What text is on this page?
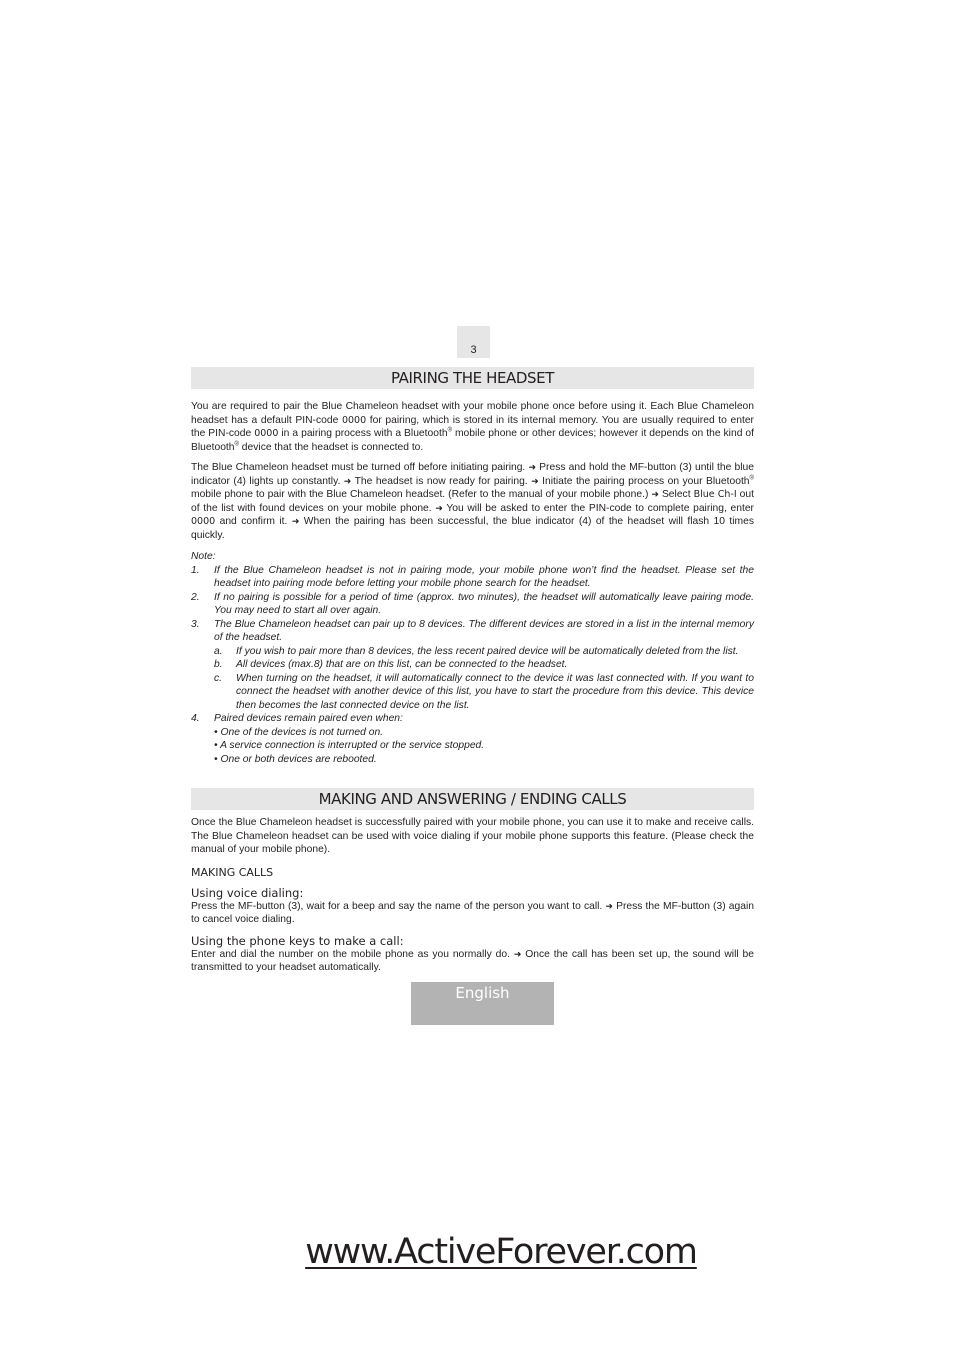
3
PAIRING THE HEADSET

You are required to pair the Blue Chameleon headset with your mobile phone once before using it. Each Blue Chameleon headset has a default PIN-code 0000 for pairing, which is stored in its internal memory. You are usually required to enter the PIN-code 0000 in a pairing process with a Bluetooth® mobile phone or other devices; however it depends on the kind of Bluetooth® device that the headset is connected to.

The Blue Chameleon headset must be turned off before initiating pairing. ➜ Press and hold the MF-button (3) until the blue indicator (4) lights up constantly. ➜ The headset is now ready for pairing. ➜ Initiate the pairing process on your Bluetooth® mobile phone to pair with the Blue Chameleon headset. (Refer to the manual of your mobile phone.) ➜ Select Blue Ch-I out of the list with found devices on your mobile phone. ➜ You will be asked to enter the PIN-code to complete pairing, enter 0000 and confirm it. ➜ When the pairing has been successful, the blue indicator (4) of the headset will flash 10 times quickly.

Note:
1. If the Blue Chameleon headset is not in pairing mode, your mobile phone won’t find the headset. Please set the headset into pairing mode before letting your mobile phone search for the headset.
2. If no pairing is possible for a period of time (approx. two minutes), the headset will automatically leave pairing mode. You may need to start all over again.
3. The Blue Chameleon headset can pair up to 8 devices. The different devices are stored in a list in the internal memory of the headset.
a. If you wish to pair more than 8 devices, the less recent paired device will be automatically deleted from the list.
b. All devices (max.8) that are on this list, can be connected to the headset.
c. When turning on the headset, it will automatically connect to the device it was last connected with. If you want to connect the headset with another device of this list, you have to start the procedure from this device. This device then becomes the last connected device on the list.
4. Paired devices remain paired even when:
• One of the devices is not turned on.
• A service connection is interrupted or the service stopped.
• One or both devices are rebooted.
MAKING AND ANSWERING / ENDING CALLS

Once the Blue Chameleon headset is successfully paired with your mobile phone, you can use it to make and receive calls. The Blue Chameleon headset can be used with voice dialing if your mobile phone supports this feature. (Please check the manual of your mobile phone).

MAKING CALLS
Using voice dialing:

Press the MF-button (3), wait for a beep and say the name of the person you want to call. ➜ Press the MF-button (3) again to cancel voice dialing.

Using the phone keys to make a call:

Enter and dial the number on the mobile phone as you normally do. ➜ Once the call has been set up, the sound will be transmitted to your headset automatically.

English
www.ActiveForever.com
